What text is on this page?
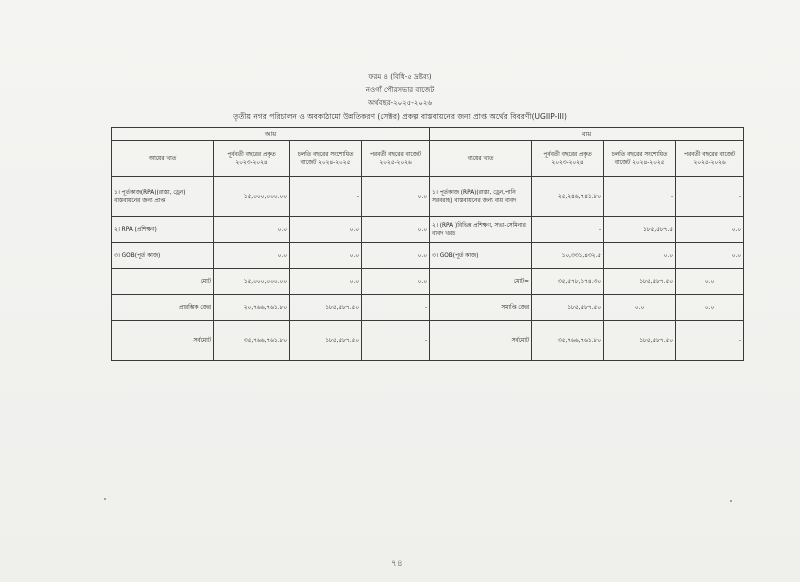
ফরম ৪ (বিধি-৫ দ্রষ্টব্য)
নওগাঁ পৌরসভার বাজেট
অর্থবছর-২০২৫-২০২৬
তৃতীয় নগর পরিচালন ও অবকাঠামো উন্নতিকরণ (সেক্টর) প্রকল্প বাস্তবায়নের জন্য প্রাপ্ত অর্থের বিবরণী(UGIIP-III)
আয়				ব্যয়			
আয়ের খাত	পূর্ববর্তী বছরের প্রকৃত ২০২৩-২০২৪	চলতি বছরের সংশোধিত বাজেট ২০২৪-২০২৫	পরবর্তী বছরের বাজেট ২০২৫-২০২৬	ব্যয়ের খাত	পূর্ববর্তী বছরের প্রকৃত ২০২৩-২০২৪	চলতি বছরের সংশোধিত বাজেট ২০২৪-২০২৫	পরবর্তী বছরের বাজেট ২০২৫-২০২৬
১। পূর্তকাজ(RPA)(রাস্তা, ড্রেন) বাস্তবায়নের জন্য প্রাপ্ত	১৫,০০০,০০০.০০	-	০.০	১। পূর্তকাজ (RPA)(রাস্তা, ড্রেন,পানি সরবরাহ) বাস্তবায়নের জন্য ব্যয় বাবদ	২৫,২৪৬,৭৪১.৮০	-	-
২। RPA (প্রশিক্ষণ)	০.০	০.০	০.০	২। (RPA )বিভিন্ন প্রশিক্ষণ, সভা-সেমিনার বাবদ খরচ	-	১৮৫,৫৮৭.৫	০.০
৩। GOB(পূর্ত কাজ)	০.০	০.০	০.০	৩। GOB(পূর্ত কাজ)	১০,৩৩১,৪৩২.৫	০.০	০.০
মোট	১৫,০০০,০০০.০০	০.০	০.০	মোট=	৩৫,৫৭৮,১৭৪.৩০	১৮৫,৫৮৭.৫০	০.০
প্রারম্ভিক জের	২০,৭৬৬,৭৬১.৮০	১৮৫,৫৮৭.৫০	-	সমাপ্তি জের	১৮৫,৫৮৭.৫০	০.০	০.০
সর্বমোট	৩৫,৭৬৬,৭৬১.৮০	১৮৫,৫৮৭.৫০	-	সর্বমোট	৩৫,৭৬৬,৭৬১.৮০	১৮৫,৫৮৭.৫০	-
৭৪
